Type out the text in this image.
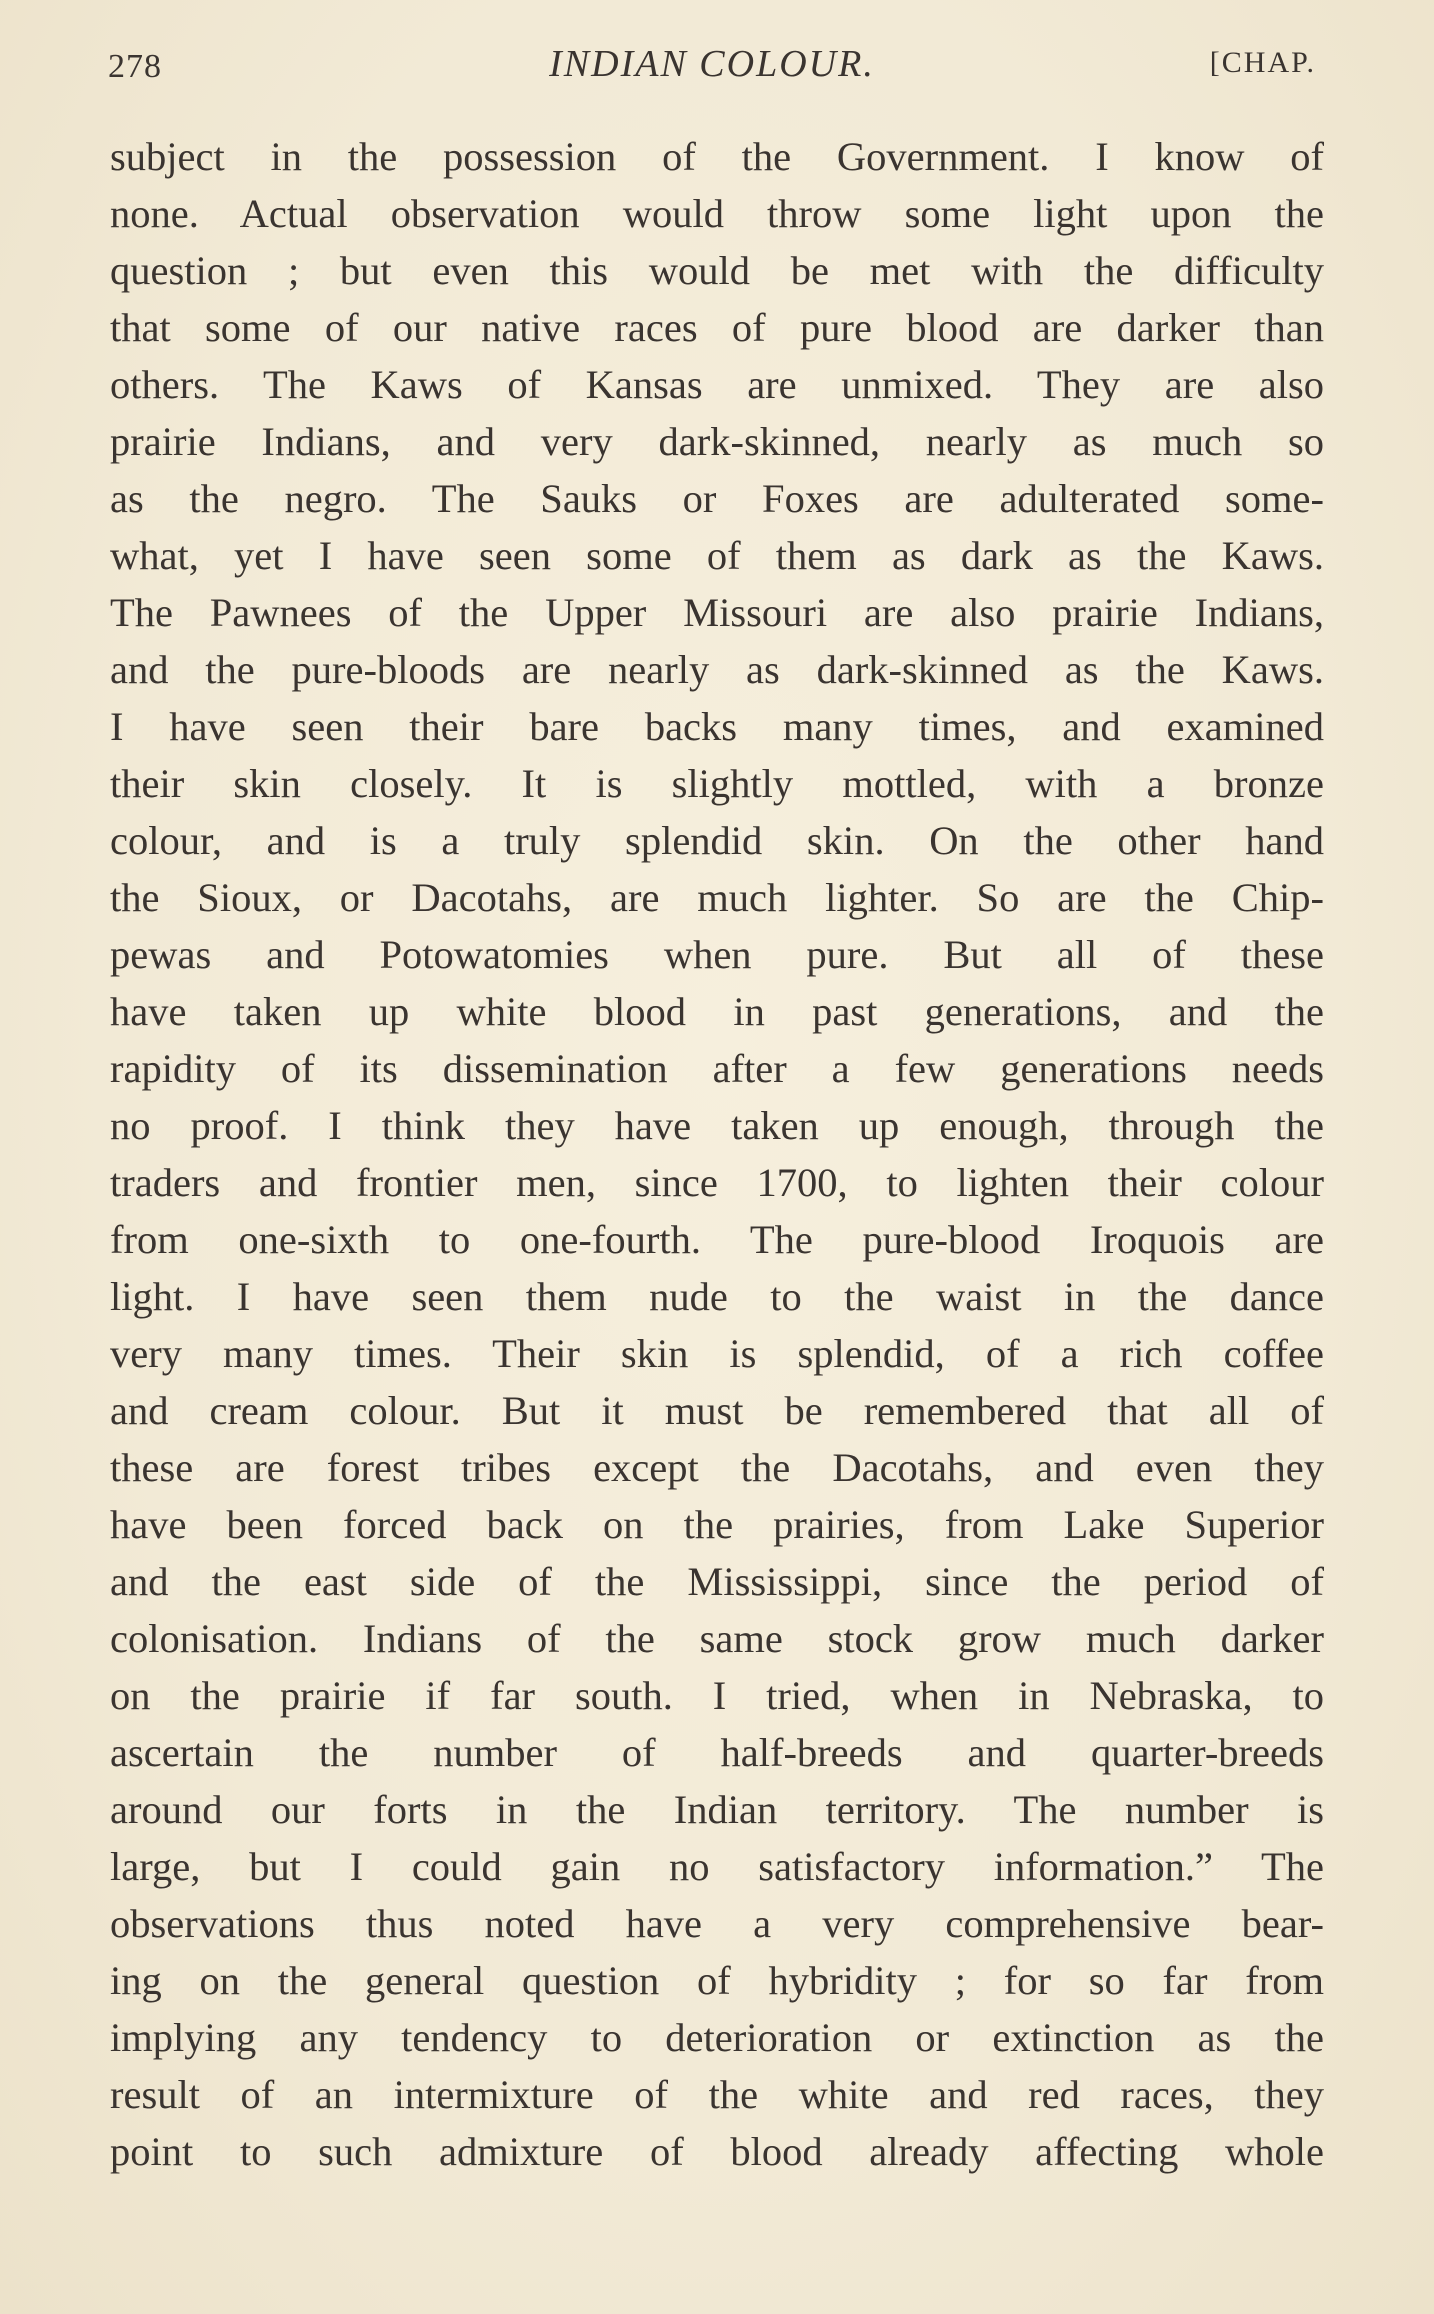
278	INDIAN COLOUR.	[CHAP.
subject in the possession of the Government. I know of
none. Actual observation would throw some light upon the
question ; but even this would be met with the difficulty
that some of our native races of pure blood are darker than
others. The Kaws of Kansas are unmixed. They are also
prairie Indians, and very dark-skinned, nearly as much so
as the negro. The Sauks or Foxes are adulterated some-
what, yet I have seen some of them as dark as the Kaws.
The Pawnees of the Upper Missouri are also prairie Indians,
and the pure-bloods are nearly as dark-skinned as the Kaws.
I have seen their bare backs many times, and examined
their skin closely. It is slightly mottled, with a bronze
colour, and is a truly splendid skin. On the other hand
the Sioux, or Dacotahs, are much lighter. So are the Chip-
pewas and Potowatomies when pure. But all of these
have taken up white blood in past generations, and the
rapidity of its dissemination after a few generations needs
no proof. I think they have taken up enough, through the
traders and frontier men, since 1700, to lighten their colour
from one-sixth to one-fourth. The pure-blood Iroquois are
light. I have seen them nude to the waist in the dance
very many times. Their skin is splendid, of a rich coffee
and cream colour. But it must be remembered that all of
these are forest tribes except the Dacotahs, and even they
have been forced back on the prairies, from Lake Superior
and the east side of the Mississippi, since the period of
colonisation. Indians of the same stock grow much darker
on the prairie if far south. I tried, when in Nebraska, to
ascertain the number of half-breeds and quarter-breeds
around our forts in the Indian territory. The number is
large, but I could gain no satisfactory information.” The
observations thus noted have a very comprehensive bear-
ing on the general question of hybridity ; for so far from
implying any tendency to deterioration or extinction as the
result of an intermixture of the white and red races, they
point to such admixture of blood already affecting whole
